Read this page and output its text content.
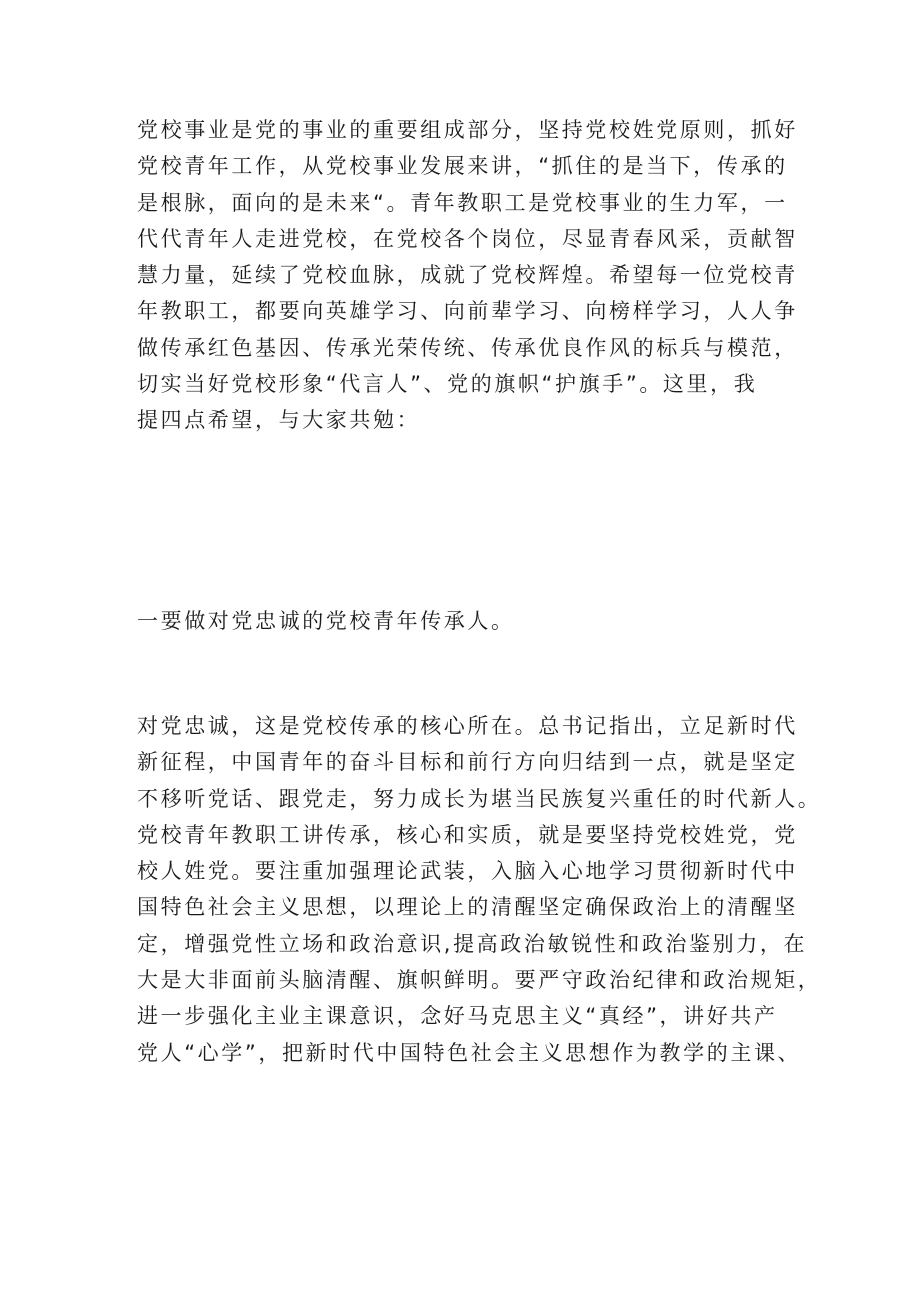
党校事业是党的事业的重要组成部分，坚持党校姓党原则，抓好
党校青年工作，从党校事业发展来讲，“抓住的是当下，传承的
是根脉，面向的是未来“。青年教职工是党校事业的生力军，一
代代青年人走进党校，在党校各个岗位，尽显青春风采，贡献智
慧力量，延续了党校血脉，成就了党校辉煌。希望每一位党校青
年教职工，都要向英雄学习、向前辈学习、向榜样学习，人人争
做传承红色基因、传承光荣传统、传承优良作风的标兵与模范，
切实当好党校形象“代言人”、党的旗帜“护旗手”。这里，我
提四点希望，与大家共勉：
一要做对党忠诚的党校青年传承人。
对党忠诚，这是党校传承的核心所在。总书记指出，立足新时代
新征程，中国青年的奋斗目标和前行方向归结到一点，就是坚定
不移听党话、跟党走，努力成长为堪当民族复兴重任的时代新人。
党校青年教职工讲传承，核心和实质，就是要坚持党校姓党，党
校人姓党。要注重加强理论武装，入脑入心地学习贯彻新时代中
国特色社会主义思想，以理论上的清醒坚定确保政治上的清醒坚
定，增强党性立场和政治意识,提高政治敏锐性和政治鉴别力，在
大是大非面前头脑清醒、旗帜鲜明。要严守政治纪律和政治规矩，
进一步强化主业主课意识，念好马克思主义“真经”，讲好共产
党人“心学”，把新时代中国特色社会主义思想作为教学的主课、
